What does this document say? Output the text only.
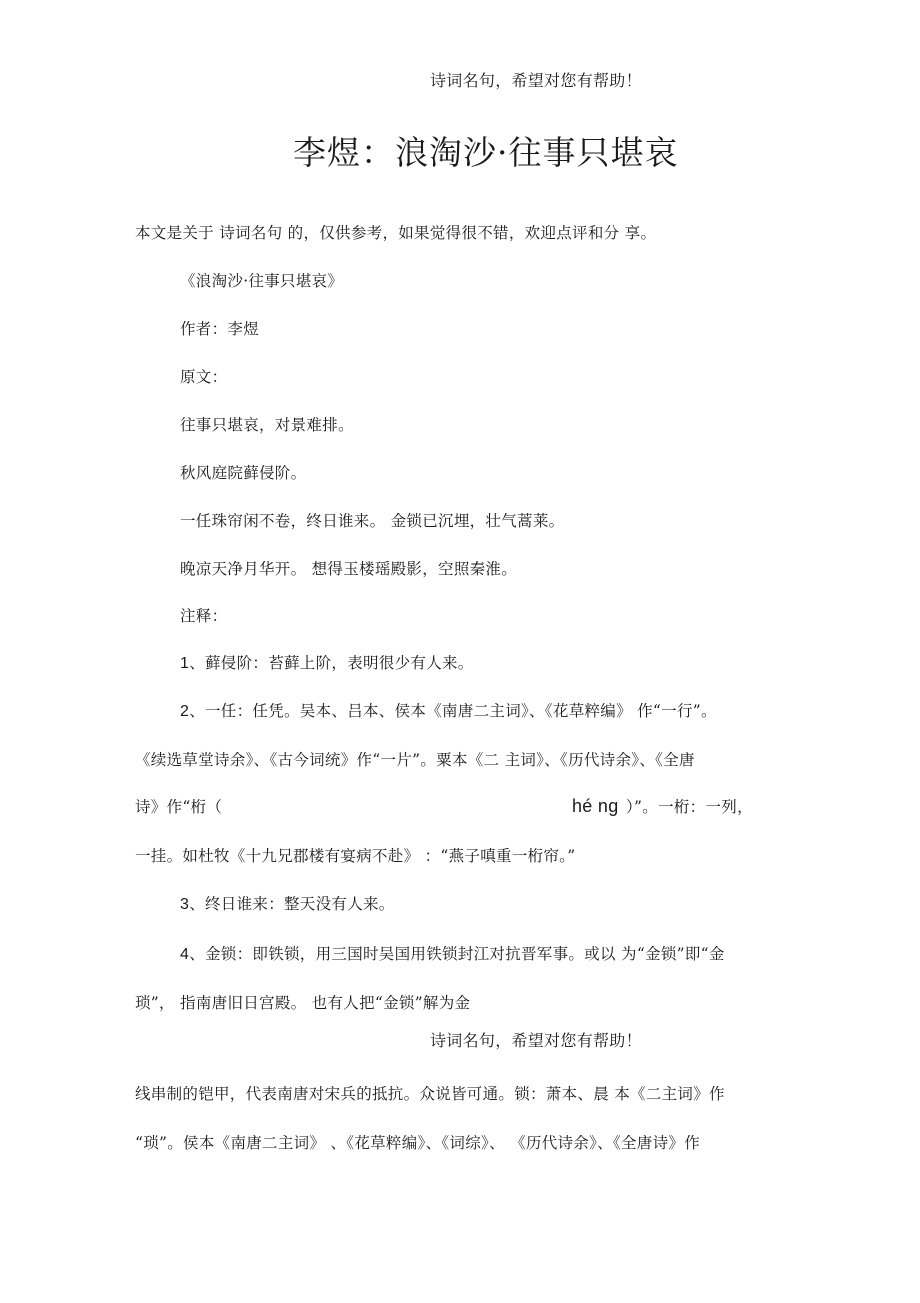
诗词名句，希望对您有帮助！
李煜：浪淘沙·往事只堪哀
本文是关于 诗词名句 的，仅供参考，如果觉得很不错，欢迎点评和分 享。
《浪淘沙·往事只堪哀》
作者：李煜
原文：
往事只堪哀，对景难排。
秋风庭院藓侵阶。
一任珠帘闲不卷，终日谁来。 金锁已沉埋，壮气蒿莱。
晚凉天净月华开。 想得玉楼瑶殿影，空照秦淮。
注释：
1、藓侵阶：苔藓上阶，表明很少有人来。
2、一任：任凭。吴本、吕本、侯本《南唐二主词》、《花草粹编》 作“一行”。
《续选草堂诗余》、《古今词统》作“一片”。粟本《二 主词》、《历代诗余》、《全唐
诗》作“桁（	hé ng ）”。一桁：一列，
一挂。如杜牧《十九兄郡楼有宴病不赴》 ：“燕子嗔重一桁帘。”
3、终日谁来：整天没有人来。
4、金锁：即铁锁，用三国时吴国用铁锁封江对抗晋军事。或以 为“金锁”即“金
琐”， 指南唐旧日宫殿。 也有人把“金锁”解为金
诗词名句，希望对您有帮助！
线串制的铠甲，代表南唐对宋兵的抵抗。众说皆可通。锁：萧本、晨 本《二主词》作
“琐”。侯本《南唐二主词》 、《花草粹编》、《词综》、 《历代诗余》、《全唐诗》作
